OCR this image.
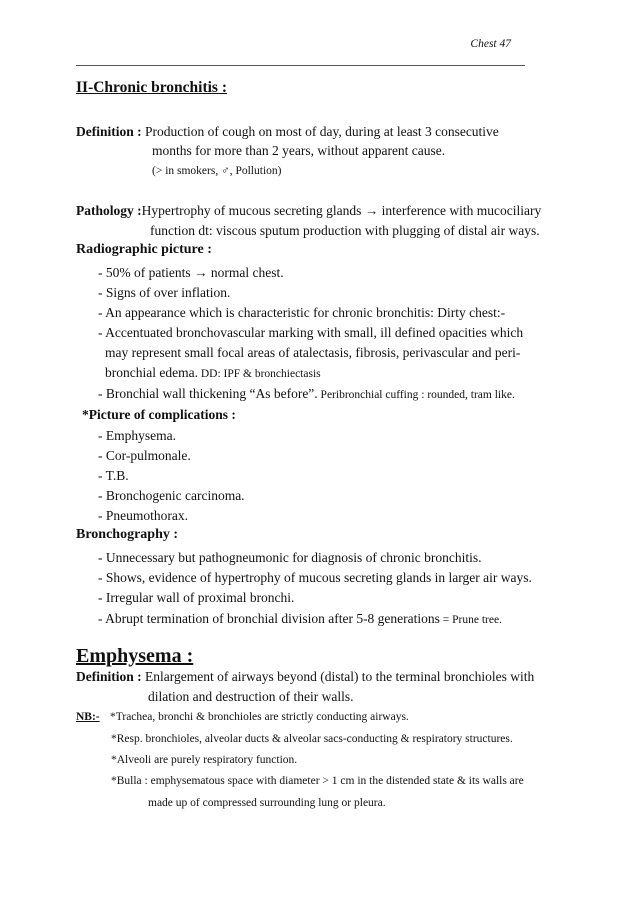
Chest 47
II-Chronic bronchitis :
Definition : Production of cough on most of day, during at least 3 consecutive
months for more than 2 years, without apparent cause.
(> in smokers, ♂, Pollution)
Pathology :Hypertrophy of mucous secreting glands → interference with mucociliary
function dt: viscous sputum production with plugging of distal air ways.
Radiographic picture :
- 50% of patients → normal chest.
- Signs of over inflation.
- An appearance which is characteristic for chronic bronchitis: Dirty chest:-
- Accentuated bronchovascular marking with small, ill defined opacities which
may represent small focal areas of atalectasis, fibrosis, perivascular and peri-
bronchial edema. DD: IPF & bronchiectasis
- Bronchial wall thickening “As before”. Peribronchial cuffing : rounded, tram like.
*Picture of complications :
- Emphysema.
- Cor-pulmonale.
- T.B.
- Bronchogenic carcinoma.
- Pneumothorax.
Bronchography :
- Unnecessary but pathogneumonic for diagnosis of chronic bronchitis.
- Shows, evidence of hypertrophy of mucous secreting glands in larger air ways.
- Irregular wall of proximal bronchi.
- Abrupt termination of bronchial division after 5-8 generations = Prune tree.
Emphysema :
Definition : Enlargement of airways beyond (distal) to the terminal bronchioles with
dilation and destruction of their walls.
NB:- *Trachea, bronchi & bronchioles are strictly conducting airways.
*Resp. bronchioles, alveolar ducts & alveolar sacs-conducting & respiratory structures.
*Alveoli are purely respiratory function.
*Bulla : emphysematous space with diameter > 1 cm in the distended state & its walls are
made up of compressed surrounding lung or pleura.
